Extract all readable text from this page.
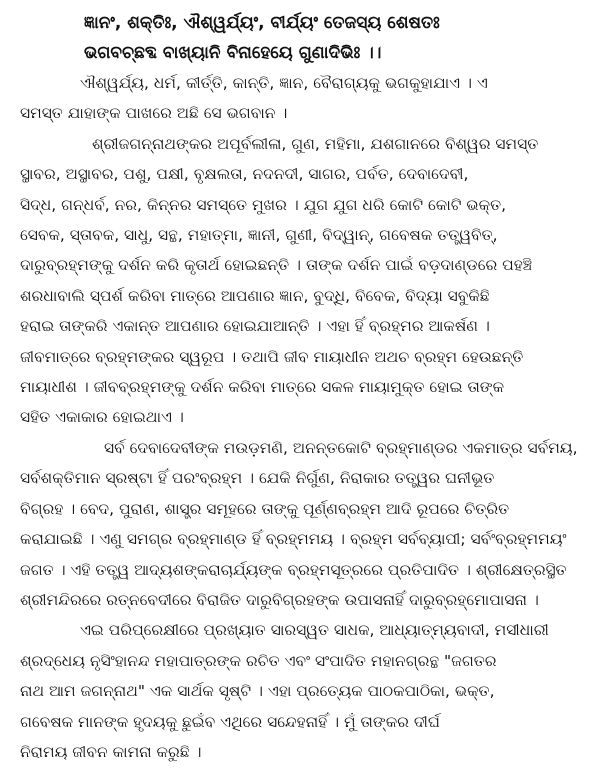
ଜ୍ଞାନଂ, ଶକ୍ତିଃ, ଐଶ୍ୱର୍ଯ୍ୟଂ, ବୀର୍ଯ୍ୟଂ ତେଜସ୍ୟ ଶେଷତଃ
ଭଗବଚ୍ଛବ୍ଦ ବାଖ୍ୟାନି ବିନାହେୟେ ଗୁଣାଦିଭିଃ ।।
ଐଶ୍ୱର୍ଯ୍ୟ, ଧର୍ମ, କୀର୍ତ୍ତି, କାନ୍ତି, ଜ୍ଞାନ, ବୈରାଗ୍ୟକୁ ଭଗକୁହାଯାଏ । ଏ
ସମସ୍ତ ଯାହାଙ୍କ ପାଖରେ ଅଛି ସେ ଭଗବାନ ।
ଶ୍ରୀଜଗନ୍ନାଥଙ୍କର ଅପୂର୍ବଲୀଳା, ଗୁଣ, ମହିମା, ଯଶଗାନରେ ବିଶ୍ୱର ସମସ୍ତ
ସ୍ଥାବର, ଅସ୍ଥାବର, ପଶୁ, ପକ୍ଷୀ, ବୃକ୍ଷଲତା, ନଦନଦୀ, ସାଗର, ପର୍ବତ, ଦେବାଦେବୀ,
ସିଦ୍ଧ, ଗନ୍ଧର୍ବ, ନର, କିନ୍ନର ସମସ୍ତେ ମୁଖର । ଯୁଗ ଯୁଗ ଧରି କୋଟି କୋଟି ଭକ୍ତ,
ସେବକ, ସ୍ତାବକ, ସାଧୁ, ସନ୍ଥ, ମହାତ୍ମା, ଜ୍ଞାନୀ, ଗୁଣୀ, ବିଦ୍ୱାନ୍, ଗବେଷକ ତତ୍ତ୍ୱବିତ୍,
ଦାରୁବ୍ରହ୍ମଙ୍କୁ ଦର୍ଶନ କରି କୃତାର୍ଥ ହୋଇଛନ୍ତି । ତାଙ୍କ ଦର୍ଶନ ପାଇଁ ବଡ଼ଦାଣ୍ଡରେ ପହଞ୍ଚି
ଶରଧାବାଲି ସ୍ପର୍ଶ କରିବା ମାତ୍ରେ ଆପଣାର ଜ୍ଞାନ, ବୁଦ୍ଧି, ବିବେକ, ବିଦ୍ୟା ସବୁକିଛି
ହରାଇ ତାଙ୍କରି ଏକାନ୍ତ ଆପଣାର ହୋଇଯାଆନ୍ତି । ଏହା ହିଁ ବ୍ରହ୍ମର ଆକର୍ଷଣ ।
ଜୀବମାତ୍ରେ ବ୍ରହ୍ମଙ୍କର ସ୍ୱରୂପ । ତଥାପି ଜୀବ ମାୟାଧୀନ ଅଥଚ ବ୍ରହ୍ମ ହେଉଛନ୍ତି
ମାୟାଧୀଶ । ଜୀବବ୍ରହ୍ମଙ୍କୁ ଦର୍ଶନ କରିବା ମାତ୍ରେ ସକଳ ମାୟାମୁକ୍ତ ହୋଇ ତାଙ୍କ
ସହିତ ଏକାକାର ହୋଇଥାଏ ।
ସର୍ବ ଦେବାଦେବୀଙ୍କ ମଉଡ଼ମଣି, ଅନନ୍ତକୋଟି ବ୍ରହ୍ମାଣ୍ଡର ଏକମାତ୍ର ସର୍ବମୟ,
ସର୍ବଶକ୍ତିମାନ ସ୍ରଷ୍ଟା ହିଁ ପରଂବ୍ରହ୍ମ । ଯେକି ନିର୍ଗୁଣ, ନିରାକାର ତତ୍ତ୍ୱର ଘନୀଭୂତ
ବିଗ୍ରହ । ବେଦ, ପୁରାଣ, ଶାସ୍ତ୍ର ସମୂହରେ ତାଙ୍କୁ ପୂର୍ଣ୍ଣବ୍ରହ୍ମ ଆଦି ରୂପରେ ଚିତ୍ରିତ
କରାଯାଇଛି । ଏଣୁ ସମଗ୍ର ବ୍ରହ୍ମାଣ୍ଡ ହିଁ ବ୍ରହ୍ମମୟ । ବ୍ରହ୍ମ ସର୍ବବ୍ୟାପୀ; ସର୍ବଂବ୍ରହ୍ମମୟଂ
ଜଗତ । ଏହି ତତ୍ତ୍ୱ ଆଦ୍ୟଶଙ୍କରାଚାର୍ଯ୍ୟଙ୍କ ବ୍ରହ୍ମସୂତ୍ରରେ ପ୍ରତିପାଦିତ । ଶ୍ରୀକ୍ଷେତ୍ରସ୍ଥିତ
ଶ୍ରୀମନ୍ଦିରରେ ରତ୍ନବେଦୀରେ ବିରାଜିତ ଦାରୁବିଗ୍ରହଙ୍କ ଉପାସନାହିଁ ଦାରୁବ୍ରହ୍ମୋପାସନା ।
ଏଇ ପରିପ୍ରେକ୍ଷୀରେ ପ୍ରଖ୍ୟାତ ସାରସ୍ୱତ ସାଧକ, ଆଧ୍ୟାତ୍ମ୍ୟବାଦୀ, ମସୀଧାରୀ
ଶ୍ରଦ୍ଧେୟ ନୃସିଂହାନନ୍ଦ ମହାପାତ୍ରଙ୍କ ରଚିତ ଏବଂ ସଂପାଦିତ ମହାନଗ୍ରନ୍ଥ "ଜଗତର
ନାଥ ଆମ ଜଗନ୍ନାଥ" ଏକ ସାର୍ଥକ ସୃଷ୍ଟି । ଏହା ପ୍ରତ୍ୟେକ ପାଠକପାଠିକା, ଭକ୍ତ,
ଗବେଷକ ମାନଙ୍କ ହୃଦୟକୁ ଛୁଇଁବ ଏଥିରେ ସନ୍ଦେହନାହିଁ । ମୁଁ ତାଙ୍କର ଦୀର୍ଘ
ନିରାମୟ ଜୀବନ କାମନା କରୁଛି ।
